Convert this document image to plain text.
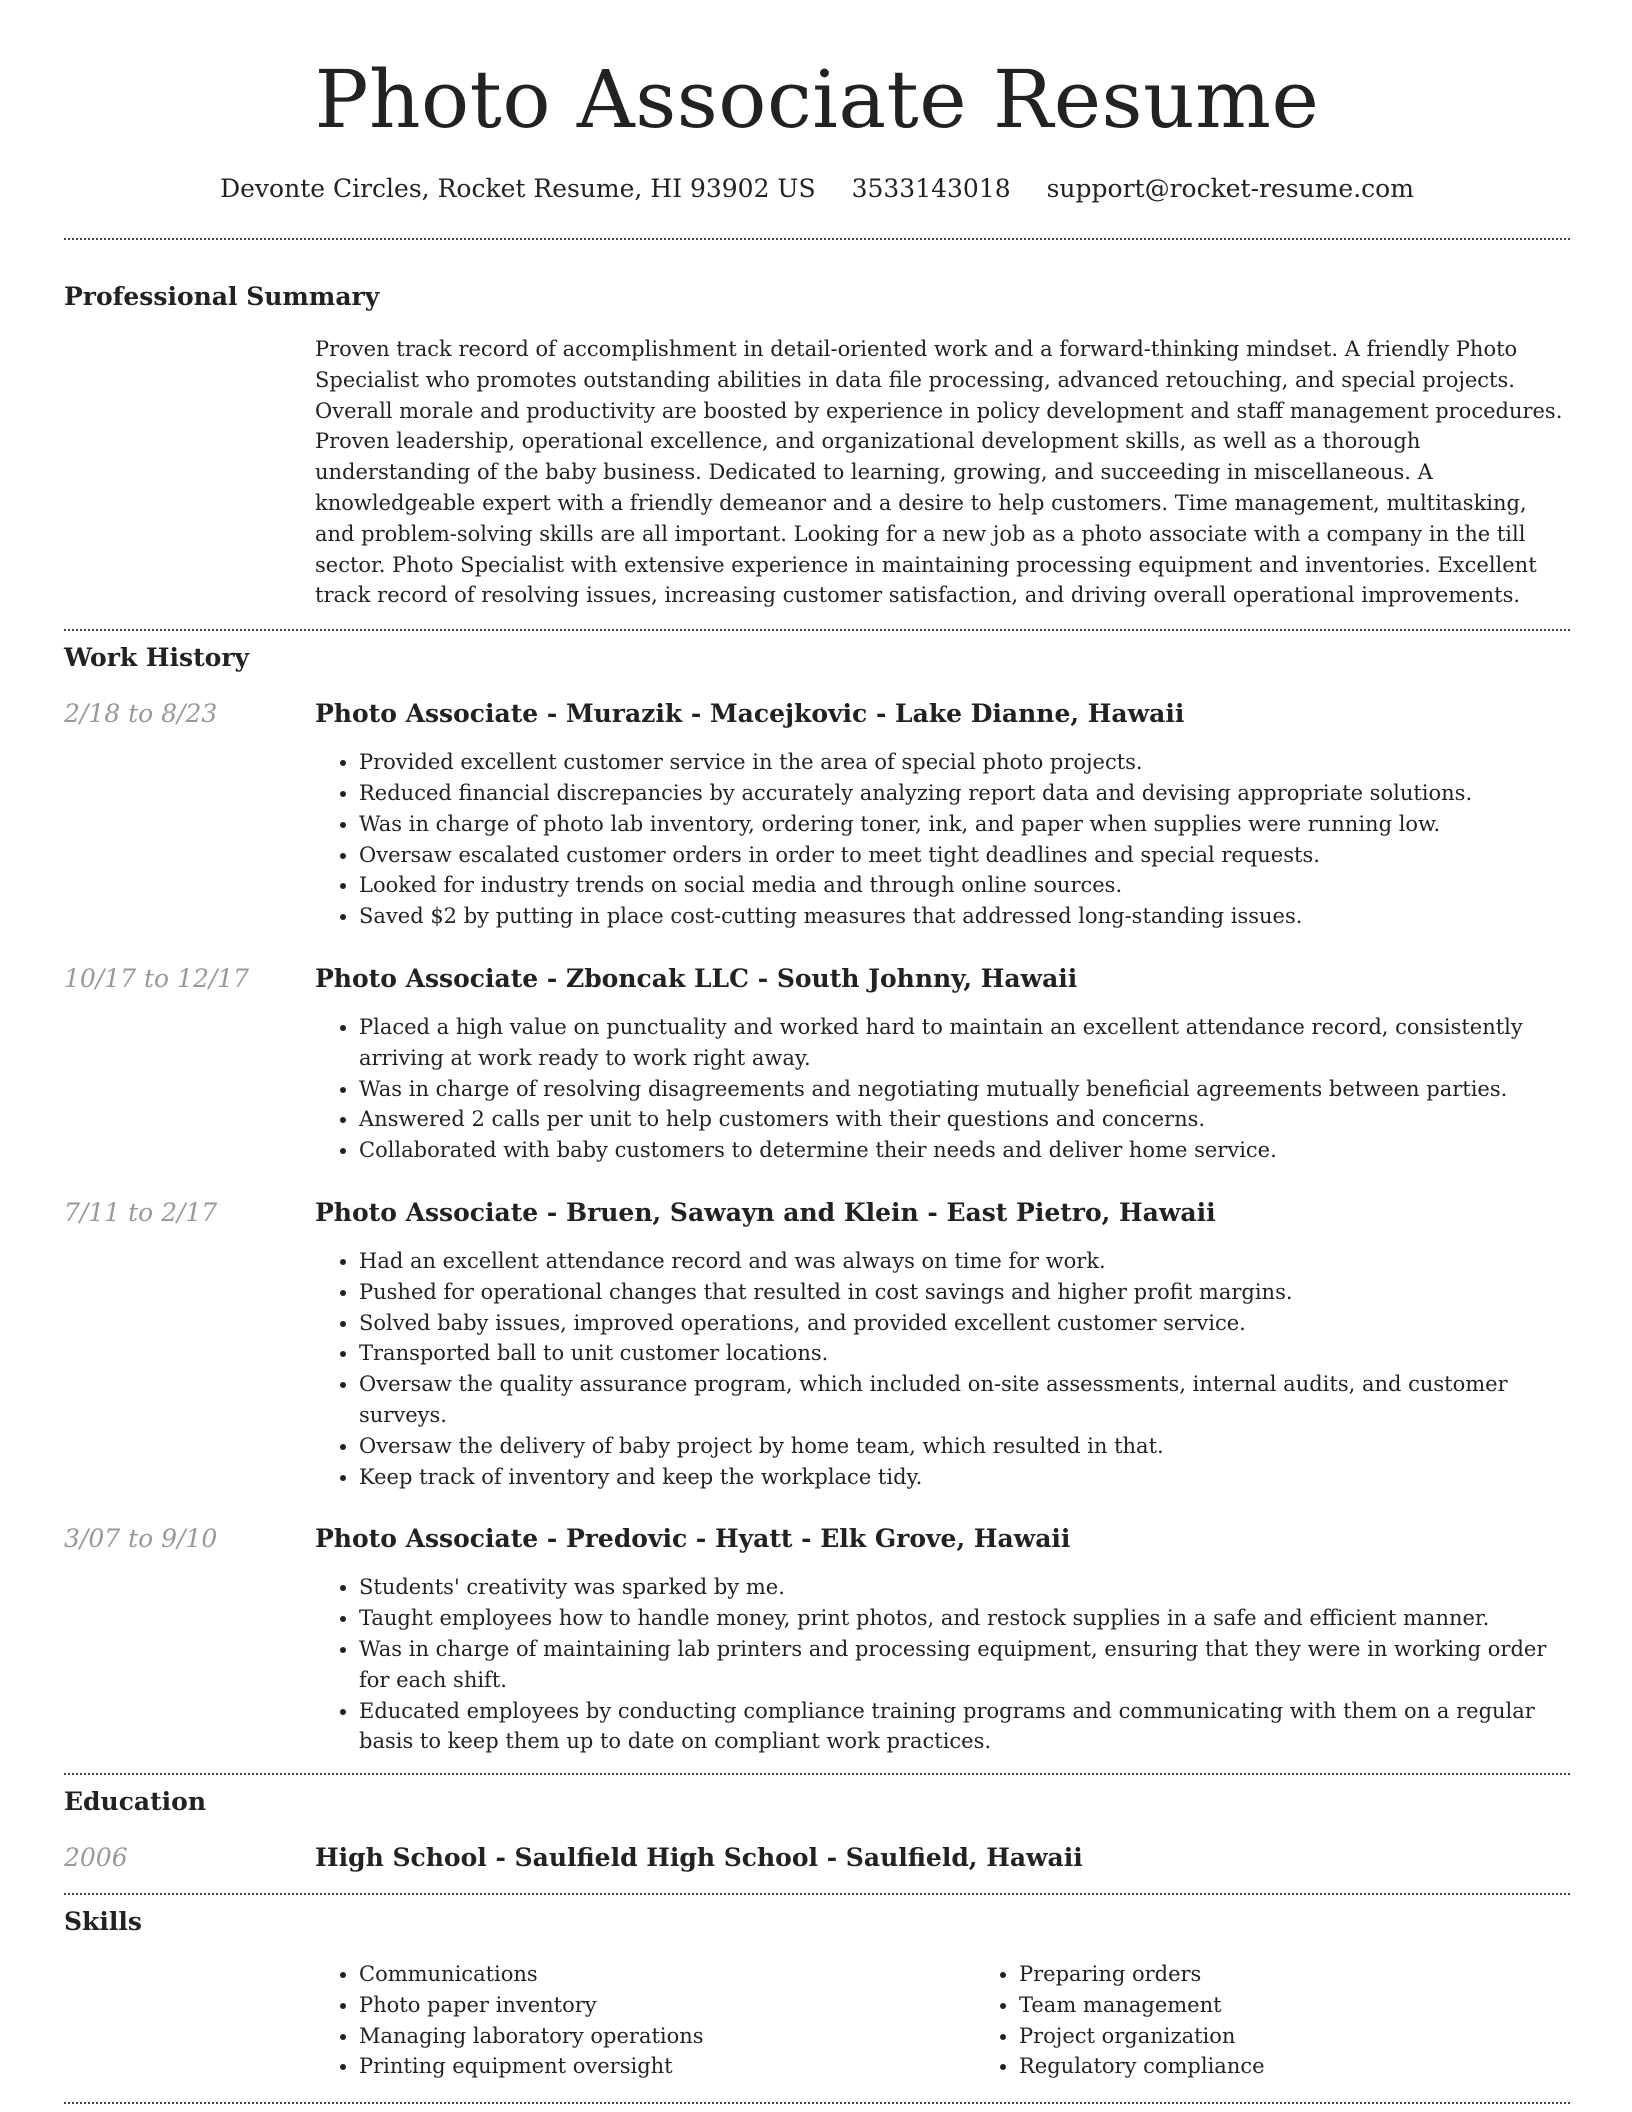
Photo Associate Resume
Devonte Circles, Rocket Resume, HI 93902 US 3533143018 support@rocket-resume.com
Professional Summary

Proven track record of accomplishment in detail-oriented work and a forward-thinking mindset. A friendly Photo Specialist who promotes outstanding abilities in data file processing, advanced retouching, and special projects. Overall morale and productivity are boosted by experience in policy development and staff management procedures. Proven leadership, operational excellence, and organizational development skills, as well as a thorough understanding of the baby business. Dedicated to learning, growing, and succeeding in miscellaneous. A knowledgeable expert with a friendly demeanor and a desire to help customers. Time management, multitasking, and problem-solving skills are all important. Looking for a new job as a photo associate with a company in the till sector. Photo Specialist with extensive experience in maintaining processing equipment and inventories. Excellent track record of resolving issues, increasing customer satisfaction, and driving overall operational improvements.

Work History
2/18 to 8/23	Photo Associate - Murazik - Macejkovic - Lake Dianne, Hawaii
• Provided excellent customer service in the area of special photo projects.
• Reduced financial discrepancies by accurately analyzing report data and devising appropriate solutions.
• Was in charge of photo lab inventory, ordering toner, ink, and paper when supplies were running low.
• Oversaw escalated customer orders in order to meet tight deadlines and special requests.
• Looked for industry trends on social media and through online sources.
• Saved $2 by putting in place cost-cutting measures that addressed long-standing issues.
10/17 to 12/17	Photo Associate - Zboncak LLC - South Johnny, Hawaii
• Placed a high value on punctuality and worked hard to maintain an excellent attendance record, consistently arriving at work ready to work right away.
• Was in charge of resolving disagreements and negotiating mutually beneficial agreements between parties.
• Answered 2 calls per unit to help customers with their questions and concerns.
• Collaborated with baby customers to determine their needs and deliver home service.
7/11 to 2/17	Photo Associate - Bruen, Sawayn and Klein - East Pietro, Hawaii
• Had an excellent attendance record and was always on time for work.
• Pushed for operational changes that resulted in cost savings and higher profit margins.
• Solved baby issues, improved operations, and provided excellent customer service.
• Transported ball to unit customer locations.
• Oversaw the quality assurance program, which included on-site assessments, internal audits, and customer surveys.
• Oversaw the delivery of baby project by home team, which resulted in that.
• Keep track of inventory and keep the workplace tidy.
3/07 to 9/10	Photo Associate - Predovic - Hyatt - Elk Grove, Hawaii
• Students' creativity was sparked by me.
• Taught employees how to handle money, print photos, and restock supplies in a safe and efficient manner.
• Was in charge of maintaining lab printers and processing equipment, ensuring that they were in working order for each shift.
• Educated employees by conducting compliance training programs and communicating with them on a regular basis to keep them up to date on compliant work practices.
Education
2006	High School - Saulfield High School - Saulfield, Hawaii
Skills
• Communications
• Photo paper inventory
• Managing laboratory operations
• Printing equipment oversight
• Preparing orders
• Team management
• Project organization
• Regulatory compliance
